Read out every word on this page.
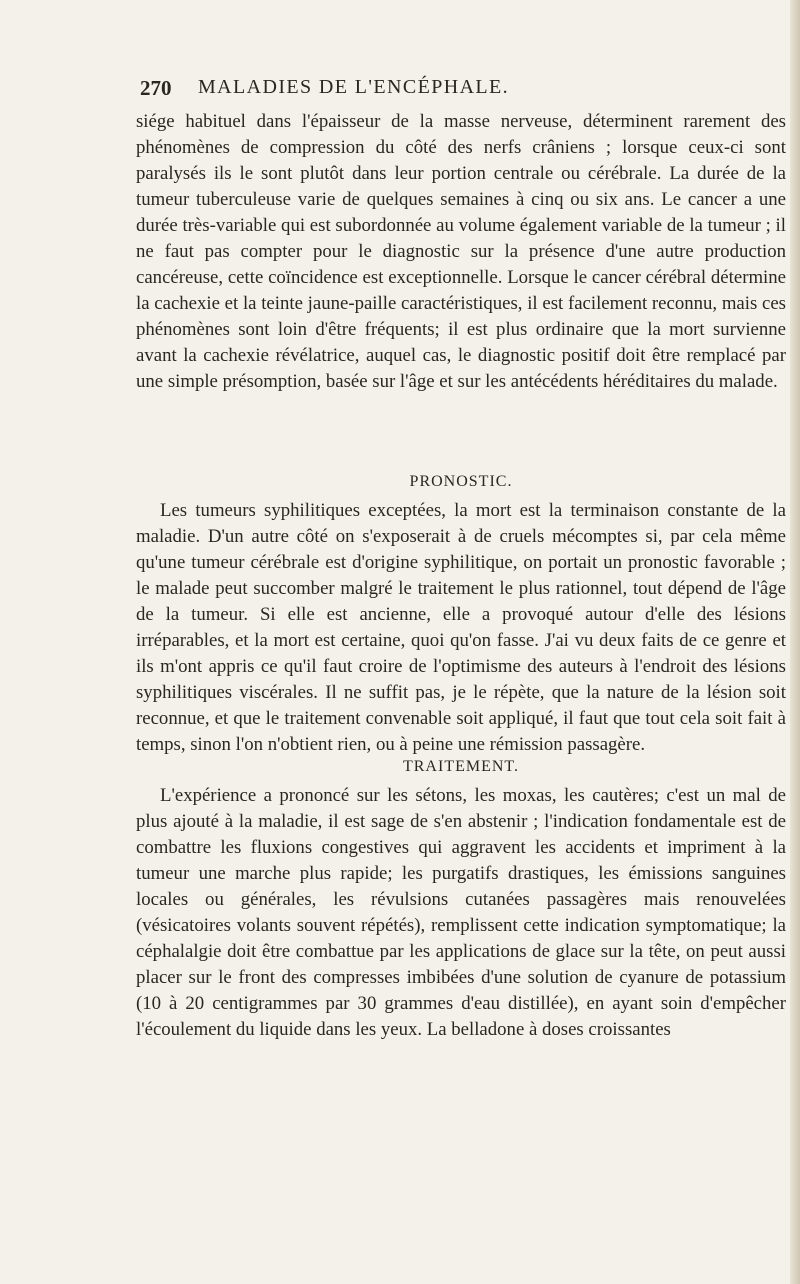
270 MALADIES DE L'ENCÉPHALE.

siége habituel dans l'épaisseur de la masse nerveuse, déterminent rarement des phénomènes de compression du côté des nerfs crâniens ; lorsque ceux-ci sont paralysés ils le sont plutôt dans leur portion centrale ou cérébrale. La durée de la tumeur tuberculeuse varie de quelques semaines à cinq ou six ans. Le cancer a une durée très-variable qui est subordonnée au volume également variable de la tumeur ; il ne faut pas compter pour le diagnostic sur la présence d'une autre production cancéreuse, cette coïncidence est exceptionnelle. Lorsque le cancer cérébral détermine la cachexie et la teinte jaune-paille caractéristiques, il est facilement reconnu, mais ces phénomènes sont loin d'être fréquents; il est plus ordinaire que la mort survienne avant la cachexie révélatrice, auquel cas, le diagnostic positif doit être remplacé par une simple présomption, basée sur l'âge et sur les antécédents héréditaires du malade.

PRONOSTIC.

Les tumeurs syphilitiques exceptées, la mort est la terminaison constante de la maladie. D'un autre côté on s'exposerait à de cruels mécomptes si, par cela même qu'une tumeur cérébrale est d'origine syphilitique, on portait un pronostic favorable ; le malade peut succomber malgré le traitement le plus rationnel, tout dépend de l'âge de la tumeur. Si elle est ancienne, elle a provoqué autour d'elle des lésions irréparables, et la mort est certaine, quoi qu'on fasse. J'ai vu deux faits de ce genre et ils m'ont appris ce qu'il faut croire de l'optimisme des auteurs à l'endroit des lésions syphilitiques viscérales. Il ne suffit pas, je le répète, que la nature de la lésion soit reconnue, et que le traitement convenable soit appliqué, il faut que tout cela soit fait à temps, sinon l'on n'obtient rien, ou à peine une rémission passagère.

TRAITEMENT.

L'expérience a prononcé sur les sétons, les moxas, les cautères; c'est un mal de plus ajouté à la maladie, il est sage de s'en abstenir ; l'indication fondamentale est de combattre les fluxions congestives qui aggravent les accidents et impriment à la tumeur une marche plus rapide; les purgatifs drastiques, les émissions sanguines locales ou générales, les révulsions cutanées passagères mais renouvelées (vésicatoires volants souvent répétés), remplissent cette indication symptomatique; la céphalalgie doit être combattue par les applications de glace sur la tête, on peut aussi placer sur le front des compresses imbibées d'une solution de cyanure de potassium (10 à 20 centigrammes par 30 grammes d'eau distillée), en ayant soin d'empêcher l'écoulement du liquide dans les yeux. La belladone à doses croissantes
